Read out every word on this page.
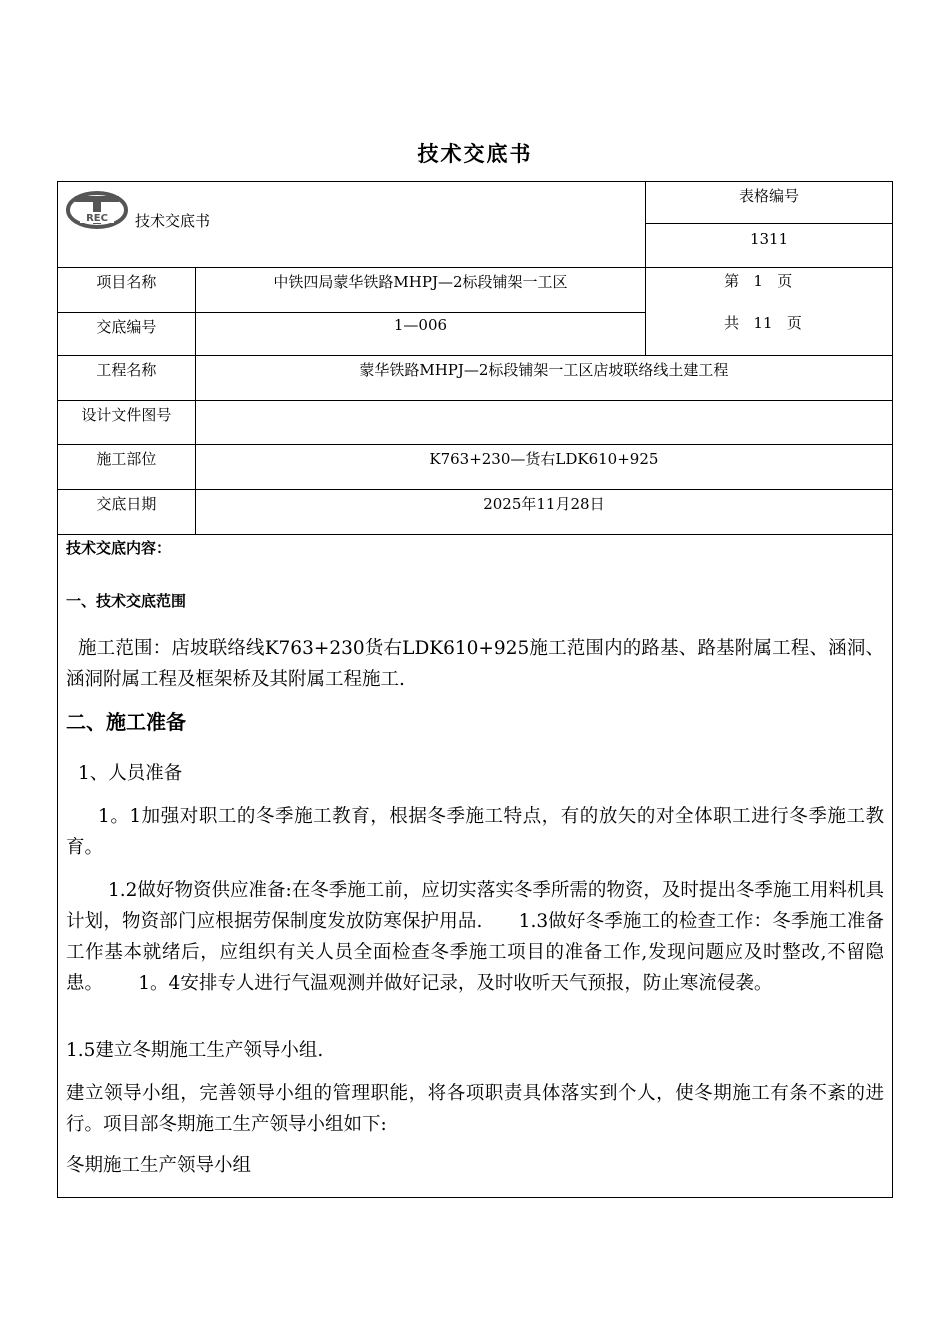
技术交底书
REC 技术交底书		表格编号
		1311
项目名称	中铁四局蒙华铁路MHPJ—2标段铺架一工区	第   1   页
共   11   页

交底编号	1—006	
工程名称	蒙华铁路MHPJ—2标段铺架一工区店坡联络线土建工程	
设计文件图号		
施工部位	K763+230—货右LDK610+925	
交底日期	2025年11月28日	

技术交底内容：

一、技术交底范围

施工范围：店坡联络线K763+230货右LDK610+925施工范围内的路基、路基附属工程、涵洞、涵洞附属工程及框架桥及其附属工程施工.

二、施工准备

1、人员准备

1。1加强对职工的冬季施工教育，根据冬季施工特点，有的放矢的对全体职工进行冬季施工教育。

1.2做好物资供应准备:在冬季施工前，应切实落实冬季所需的物资，及时提出冬季施工用料机具计划，物资部门应根据劳保制度发放防寒保护用品.      1.3做好冬季施工的检查工作：冬季施工准备工作基本就绪后，应组织有关人员全面检查冬季施工项目的准备工作,发现问题应及时整改,不留隐患。      1。4安排专人进行气温观测并做好记录，及时收听天气预报，防止寒流侵袭。

1.5建立冬期施工生产领导小组.

建立领导小组，完善领导小组的管理职能，将各项职责具体落实到个人，使冬期施工有条不紊的进行。项目部冬期施工生产领导小组如下:

冬期施工生产领导小组
